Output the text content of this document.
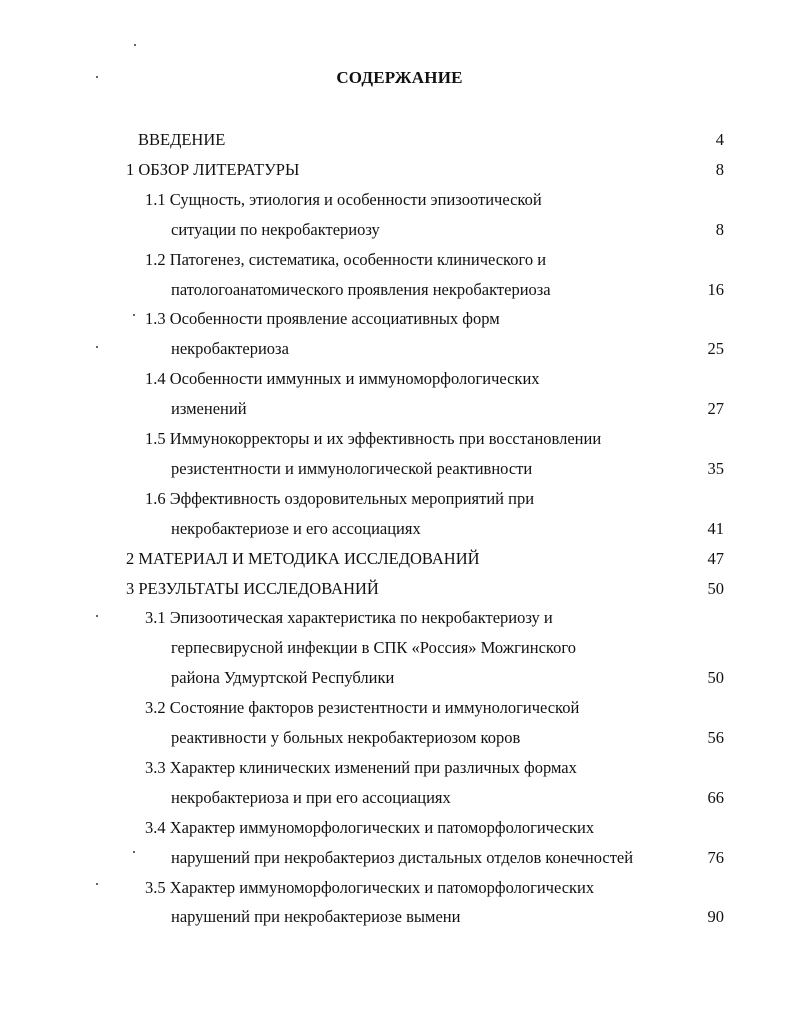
СОДЕРЖАНИЕ
ВВЕДЕНИЕ	4
1 ОБЗОР ЛИТЕРАТУРЫ	8
1.1 Сущность, этиология и особенности эпизоотической
ситуации по некробактериозу	8
1.2 Патогенез, систематика, особенности клинического и
патологоанатомического проявления некробактериоза	16
1.3 Особенности проявление ассоциативных форм
некробактериоза	25
1.4 Особенности иммунных и иммуноморфологических
изменений	27
1.5 Иммунокорректоры и их эффективность при восстановлении
резистентности и иммунологической реактивности	35
1.6 Эффективность оздоровительных мероприятий при
некробактериозе и его ассоциациях	41
2 МАТЕРИАЛ И МЕТОДИКА ИССЛЕДОВАНИЙ	47
3 РЕЗУЛЬТАТЫ ИССЛЕДОВАНИЙ	50
3.1 Эпизоотическая характеристика по некробактериозу и
герпесвирусной инфекции в СПК «Россия» Можгинского
района Удмуртской Республики	50
3.2 Состояние факторов резистентности и иммунологической
реактивности у больных некробактериозом коров	56
3.3 Характер клинических изменений при различных формах
некробактериоза и при его ассоциациях	66
3.4 Характер иммуноморфологических и патоморфологических
нарушений при некробактериоз дистальных отделов конечностей	76
3.5 Характер иммуноморфологических и патоморфологических
нарушений при некробактериозе вымени	90
